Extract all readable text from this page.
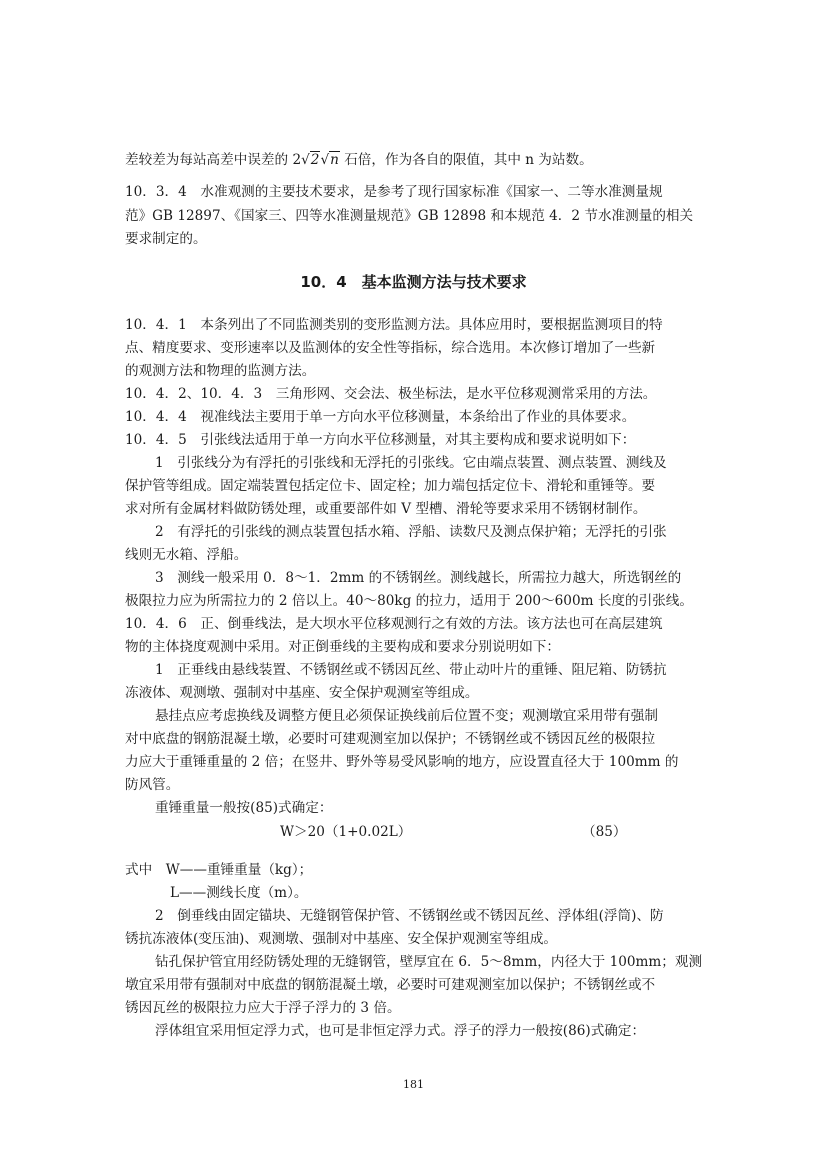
差较差为每站高差中误差的 2√2√n 石倍，作为各自的限值，其中 n 为站数。
10．3．4　水准观测的主要技术要求，是参考了现行国家标准《国家一、二等水准测量规
范》GB 12897、《国家三、四等水准测量规范》GB 12898 和本规范 4．2 节水准测量的相关
要求制定的。
10．4　基本监测方法与技术要求
10．4．1　本条列出了不同监测类别的变形监测方法。具体应用时，要根据监测项目的特
点、精度要求、变形速率以及监测体的安全性等指标，综合选用。本次修订增加了一些新
的观测方法和物理的监测方法。
10．4．2、10．4．3　三角形网、交会法、极坐标法，是水平位移观测常采用的方法。
10．4．4　视准线法主要用于单一方向水平位移测量，本条给出了作业的具体要求。
10．4．5　引张线法适用于单一方向水平位移测量，对其主要构成和要求说明如下：
1　引张线分为有浮托的引张线和无浮托的引张线。它由端点装置、测点装置、测线及
保护管等组成。固定端装置包括定位卡、固定栓；加力端包括定位卡、滑轮和重锤等。要
求对所有金属材料做防锈处理，或重要部件如 V 型槽、滑轮等要求采用不锈钢材制作。
2　有浮托的引张线的测点装置包括水箱、浮船、读数尺及测点保护箱；无浮托的引张
线则无水箱、浮船。
3　测线一般采用 0．8～1．2mm 的不锈钢丝。测线越长，所需拉力越大，所选钢丝的
极限拉力应为所需拉力的 2 倍以上。40～80kg 的拉力，适用于 200～600m 长度的引张线。
10．4．6　正、倒垂线法，是大坝水平位移观测行之有效的方法。该方法也可在高层建筑
物的主体挠度观测中采用。对正倒垂线的主要构成和要求分别说明如下：
1　正垂线由悬线装置、不锈钢丝或不锈因瓦丝、带止动叶片的重锤、阻尼箱、防锈抗
冻液体、观测墩、强制对中基座、安全保护观测室等组成。
悬挂点应考虑换线及调整方便且必须保证换线前后位置不变；观测墩宜采用带有强制
对中底盘的钢筋混凝土墩，必要时可建观测室加以保护；不锈钢丝或不锈因瓦丝的极限拉
力应大于重锤重量的 2 倍；在竖井、野外等易受风影响的地方，应设置直径大于 100mm 的
防风管。
重锤重量一般按(85)式确定：
W＞20（1+0.02L）	（85）
式中　W——重锤重量（kg）；
L——测线长度（m）。
2　倒垂线由固定锚块、无缝钢管保护管、不锈钢丝或不锈因瓦丝、浮体组(浮筒)、防
锈抗冻液体(变压油)、观测墩、强制对中基座、安全保护观测室等组成。
钻孔保护管宜用经防锈处理的无缝钢管，壁厚宜在 6．5～8mm，内径大于 100mm；观测
墩宜采用带有强制对中底盘的钢筋混凝土墩，必要时可建观测室加以保护；不锈钢丝或不
锈因瓦丝的极限拉力应大于浮子浮力的 3 倍。
浮体组宜采用恒定浮力式，也可是非恒定浮力式。浮子的浮力一般按(86)式确定：
181
